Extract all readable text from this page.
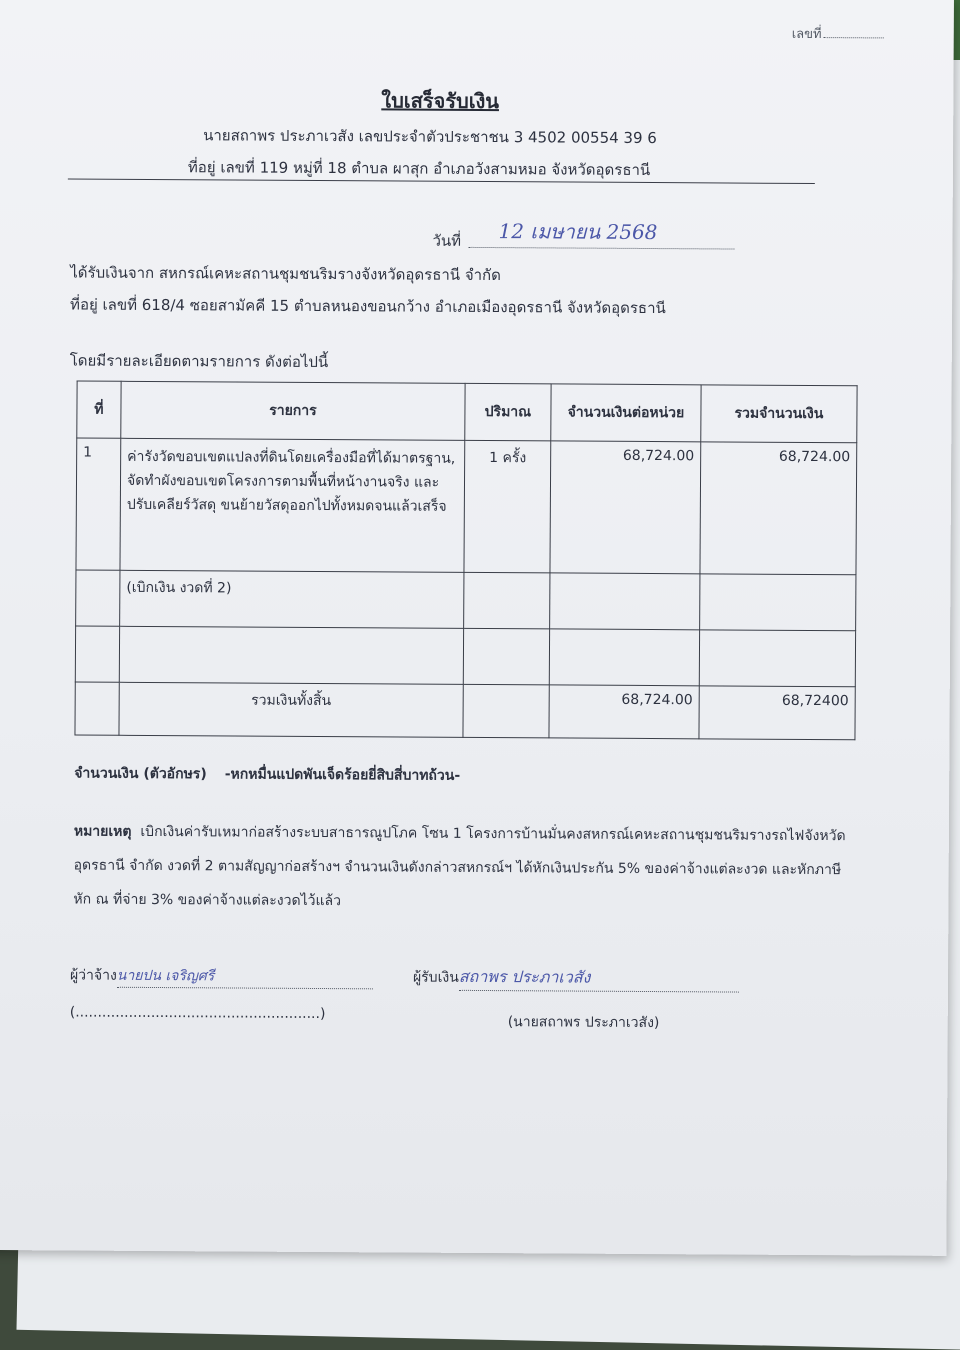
เลขที่
ใบเสร็จรับเงิน
นายสถาพร ประภาเวสัง เลขประจำตัวประชาชน 3 4502 00554 39 6
ที่อยู่ เลขที่ 119 หมู่ที่ 18 ตำบล ผาสุก อำเภอวังสามหมอ จังหวัดอุดรธานี
วันที่	12 เมษายน 2568
ได้รับเงินจาก สหกรณ์เคหะสถานชุมชนริมรางจังหวัดอุดรธานี จำกัด
ที่อยู่ เลขที่ 618/4 ซอยสามัคคี 15 ตำบลหนองขอนกว้าง อำเภอเมืองอุดรธานี จังหวัดอุดรธานี
โดยมีรายละเอียดตามรายการ ดังต่อไปนี้
ที่	รายการ	ปริมาณ	จำนวนเงินต่อหน่วย	รวมจำนวนเงิน
1	ค่ารังวัดขอบเขตแปลงที่ดินโดยเครื่องมือที่ได้มาตรฐาน, จัดทำผังขอบเขตโครงการตามพื้นที่หน้างานจริง และปรับเคลียร์วัสดุ ขนย้ายวัสดุออกไปทั้งหมดจนแล้วเสร็จ	1 ครั้ง	68,724.00	68,724.00
	(เบิกเงิน งวดที่ 2)			

	รวมเงินทั้งสิ้น		68,724.00	68,72400
จำนวนเงิน (ตัวอักษร) -หกหมื่นแปดพันเจ็ดร้อยยี่สิบสี่บาทถ้วน-
หมายเหตุ เบิกเงินค่ารับเหมาก่อสร้างระบบสาธารณูปโภค โซน 1 โครงการบ้านมั่นคงสหกรณ์เคหะสถานชุมชนริมรางรถไฟจังหวัดอุดรธานี จำกัด งวดที่ 2 ตามสัญญาก่อสร้างฯ จำนวนเงินดังกล่าวสหกรณ์ฯ ได้หักเงินประกัน 5% ของค่าจ้างแต่ละงวด และหักภาษีหัก ณ ที่จ่าย 3% ของค่าจ้างแต่ละงวดไว้แล้ว
ผู้ว่าจ้างนายปน เจริญศรี
(.......................................................)
ผู้รับเงินสถาพร ประภาเวสัง
(นายสถาพร ประภาเวสัง)
